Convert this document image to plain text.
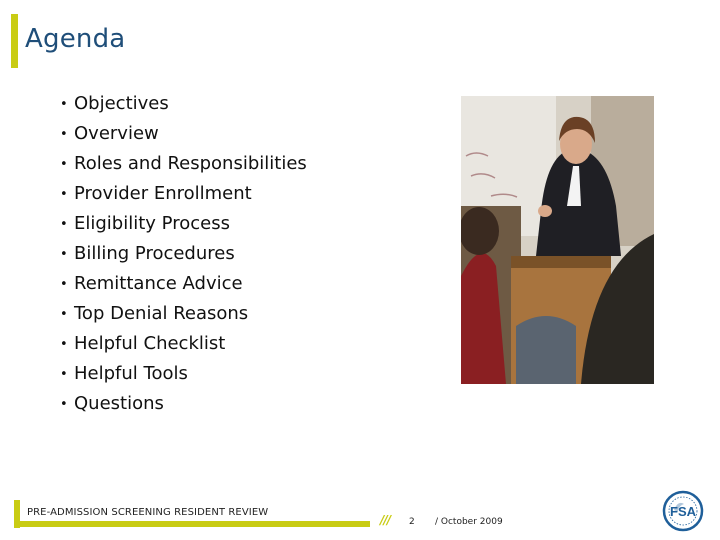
Agenda
• Objectives
• Overview
• Roles and Responsibilities
• Provider Enrollment
• Eligibility Process
• Billing Procedures
• Remittance Advice
• Top Denial Reasons
• Helpful Checklist
• Helpful Tools
• Questions
PRE-ADMISSION SCREENING RESIDENT REVIEW
/// 2 / October 2009
FSA
